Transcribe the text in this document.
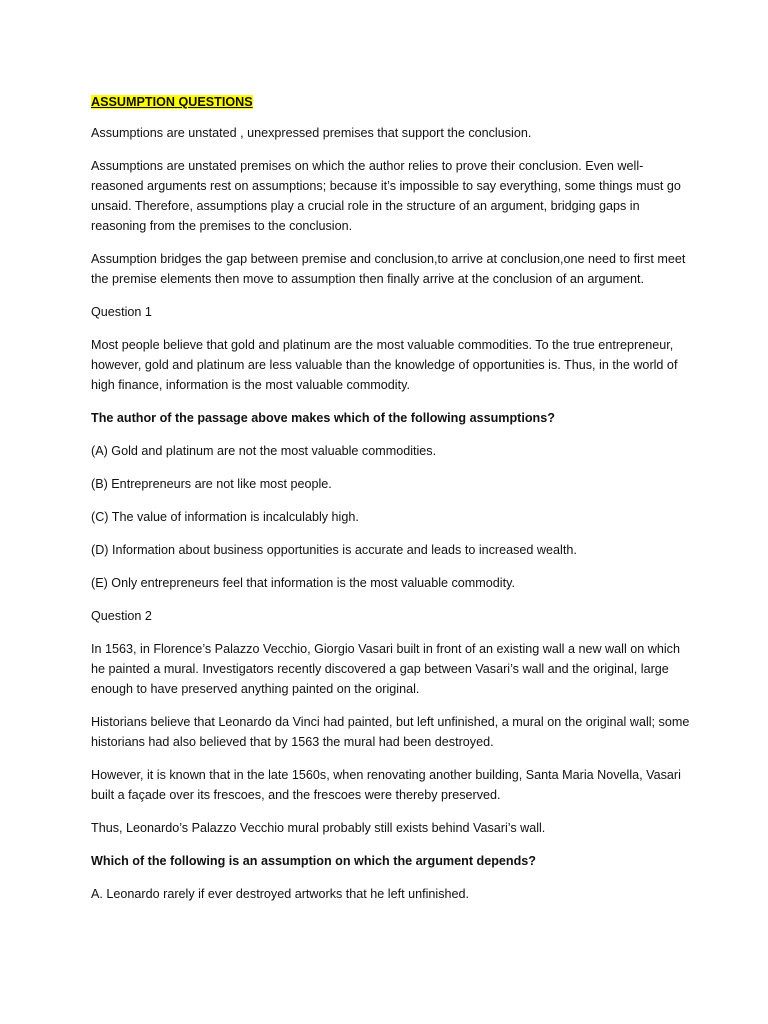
ASSUMPTION QUESTIONS

Assumptions are unstated , unexpressed premises that support the conclusion.

Assumptions are unstated premises on which the author relies to prove their conclusion. Even well-reasoned arguments rest on assumptions; because it’s impossible to say everything, some things must go unsaid. Therefore, assumptions play a crucial role in the structure of an argument, bridging gaps in reasoning from the premises to the conclusion.

Assumption bridges the gap between premise and conclusion,to arrive at conclusion,one need to first meet the premise elements then move to assumption then finally arrive at the conclusion of an argument.

Question 1

Most people believe that gold and platinum are the most valuable commodities. To the true entrepreneur, however, gold and platinum are less valuable than the knowledge of opportunities is. Thus, in the world of high finance, information is the most valuable commodity.

The author of the passage above makes which of the following assumptions?

(A) Gold and platinum are not the most valuable commodities.

(B) Entrepreneurs are not like most people.

(C) The value of information is incalculably high.

(D) Information about business opportunities is accurate and leads to increased wealth.

(E) Only entrepreneurs feel that information is the most valuable commodity.

Question 2

In 1563, in Florence’s Palazzo Vecchio, Giorgio Vasari built in front of an existing wall a new wall on which he painted a mural. Investigators recently discovered a gap between Vasari’s wall and the original, large enough to have preserved anything painted on the original.

Historians believe that Leonardo da Vinci had painted, but left unfinished, a mural on the original wall; some historians had also believed that by 1563 the mural had been destroyed.

However, it is known that in the late 1560s, when renovating another building, Santa Maria Novella, Vasari built a façade over its frescoes, and the frescoes were thereby preserved.

Thus, Leonardo’s Palazzo Vecchio mural probably still exists behind Vasari’s wall.

Which of the following is an assumption on which the argument depends?

A. Leonardo rarely if ever destroyed artworks that he left unfinished.
